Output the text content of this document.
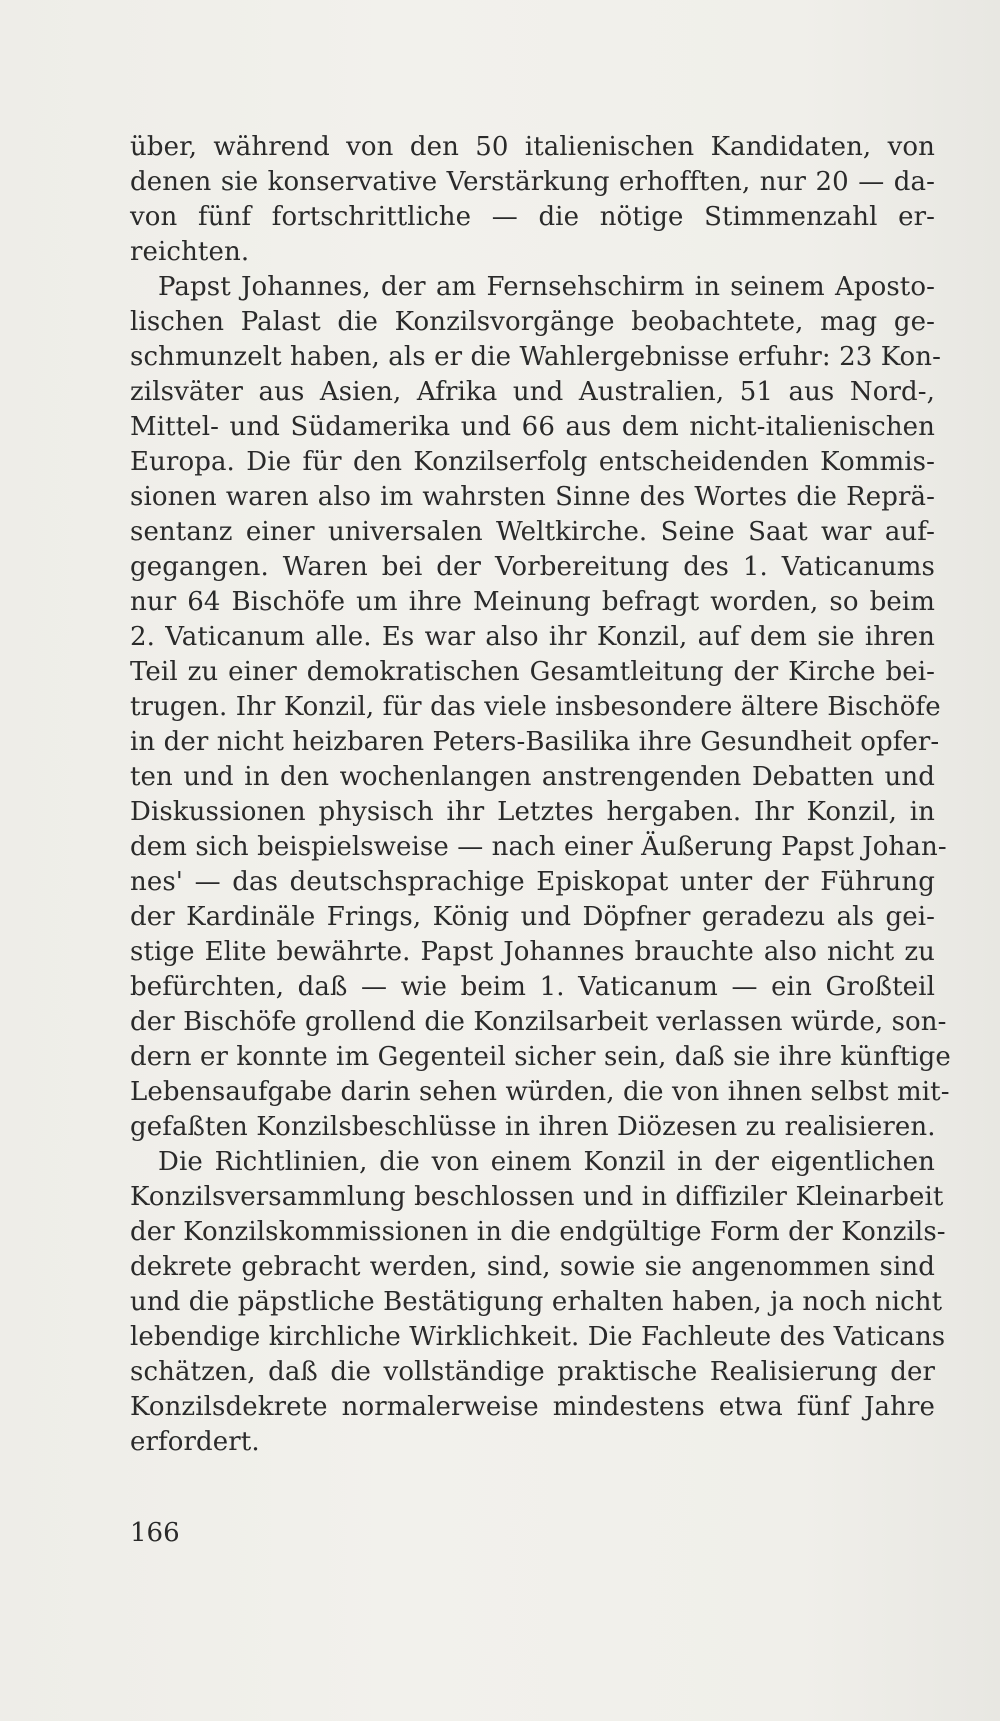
über, während von den 50 italienischen Kandidaten, von
denen sie konservative Verstärkung erhofften, nur 20 — da-
von fünf fortschrittliche — die nötige Stimmenzahl er-
reichten.
Papst Johannes, der am Fernsehschirm in seinem Aposto-
lischen Palast die Konzilsvorgänge beobachtete, mag ge-
schmunzelt haben, als er die Wahlergebnisse erfuhr: 23 Kon-
zilsväter aus Asien, Afrika und Australien, 51 aus Nord-,
Mittel- und Südamerika und 66 aus dem nicht-italienischen
Europa. Die für den Konzilserfolg entscheidenden Kommis-
sionen waren also im wahrsten Sinne des Wortes die Reprä-
sentanz einer universalen Weltkirche. Seine Saat war auf-
gegangen. Waren bei der Vorbereitung des 1. Vaticanums
nur 64 Bischöfe um ihre Meinung befragt worden, so beim
2. Vaticanum alle. Es war also ihr Konzil, auf dem sie ihren
Teil zu einer demokratischen Gesamtleitung der Kirche bei-
trugen. Ihr Konzil, für das viele insbesondere ältere Bischöfe
in der nicht heizbaren Peters-Basilika ihre Gesundheit opfer-
ten und in den wochenlangen anstrengenden Debatten und
Diskussionen physisch ihr Letztes hergaben. Ihr Konzil, in
dem sich beispielsweise — nach einer Äußerung Papst Johan-
nes' — das deutschsprachige Episkopat unter der Führung
der Kardinäle Frings, König und Döpfner geradezu als gei-
stige Elite bewährte. Papst Johannes brauchte also nicht zu
befürchten, daß — wie beim 1. Vaticanum — ein Großteil
der Bischöfe grollend die Konzilsarbeit verlassen würde, son-
dern er konnte im Gegenteil sicher sein, daß sie ihre künftige
Lebensaufgabe darin sehen würden, die von ihnen selbst mit-
gefaßten Konzilsbeschlüsse in ihren Diözesen zu realisieren.
Die Richtlinien, die von einem Konzil in der eigentlichen
Konzilsversammlung beschlossen und in diffiziler Kleinarbeit
der Konzilskommissionen in die endgültige Form der Konzils-
dekrete gebracht werden, sind, sowie sie angenommen sind
und die päpstliche Bestätigung erhalten haben, ja noch nicht
lebendige kirchliche Wirklichkeit. Die Fachleute des Vaticans
schätzen, daß die vollständige praktische Realisierung der
Konzilsdekrete normalerweise mindestens etwa fünf Jahre
erfordert.
166
